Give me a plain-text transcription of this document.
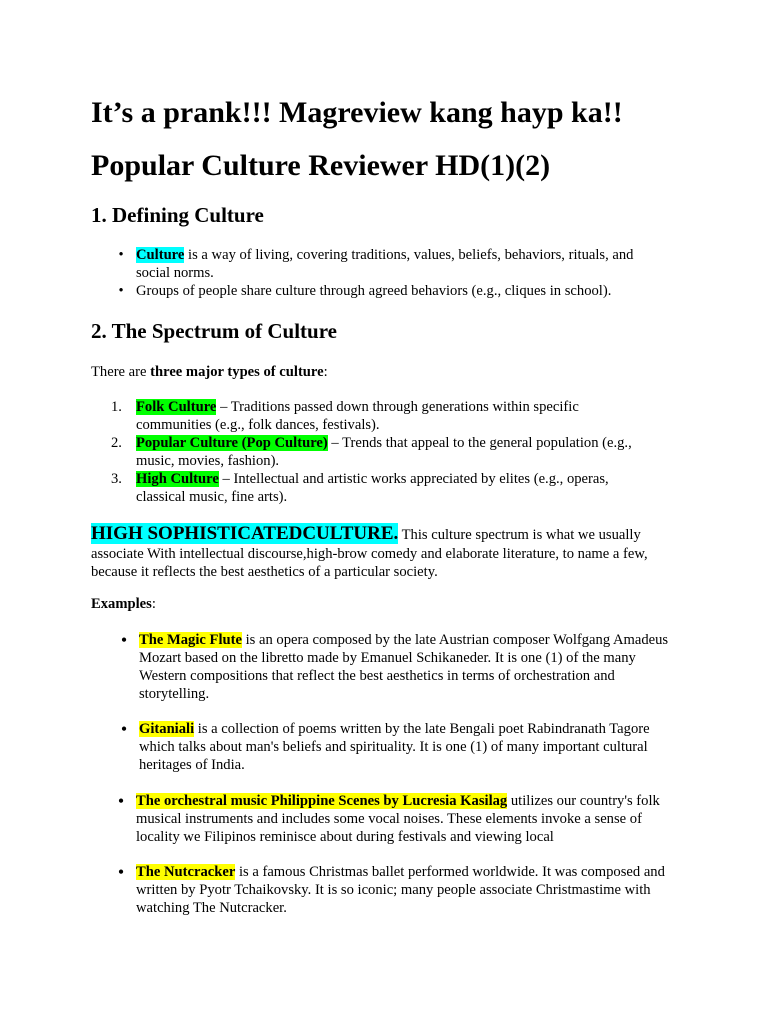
It’s a prank!!! Magreview kang hayp ka!!
Popular Culture Reviewer HD(1)(2)
1. Defining Culture
• Culture is a way of living, covering traditions, values, beliefs, behaviors, rituals, and social norms.
• Groups of people share culture through agreed behaviors (e.g., cliques in school).
2. The Spectrum of Culture

There are three major types of culture:

1. Folk Culture – Traditions passed down through generations within specific communities (e.g., folk dances, festivals).
2. Popular Culture (Pop Culture) – Trends that appeal to the general population (e.g., music, movies, fashion).
3. High Culture – Intellectual and artistic works appreciated by elites (e.g., operas, classical music, fine arts).

HIGH SOPHISTICATEDCULTURE. This culture spectrum is what we usually associate With intellectual discourse,high-brow comedy and elaborate literature, to name a few, because it reflects the best aesthetics of a particular society.

Examples:

• The Magic Flute is an opera composed by the late Austrian composer Wolfgang Amadeus Mozart based on the libretto made by Emanuel Schikaneder. It is one (1) of the many Western compositions that reflect the best aesthetics in terms of orchestration and storytelling.
• Gitaniali is a collection of poems written by the late Bengali poet Rabindranath Tagore which talks about man's beliefs and spirituality. It is one (1) of many important cultural heritages of India.
• The orchestral music Philippine Scenes by Lucresia Kasilag utilizes our country's folk musical instruments and includes some vocal noises. These elements invoke a sense of locality we Filipinos reminisce about during festivals and viewing local
• The Nutcracker is a famous Christmas ballet performed worldwide. It was composed and written by Pyotr Tchaikovsky. It is so iconic; many people associate Christmastime with watching The Nutcracker.
